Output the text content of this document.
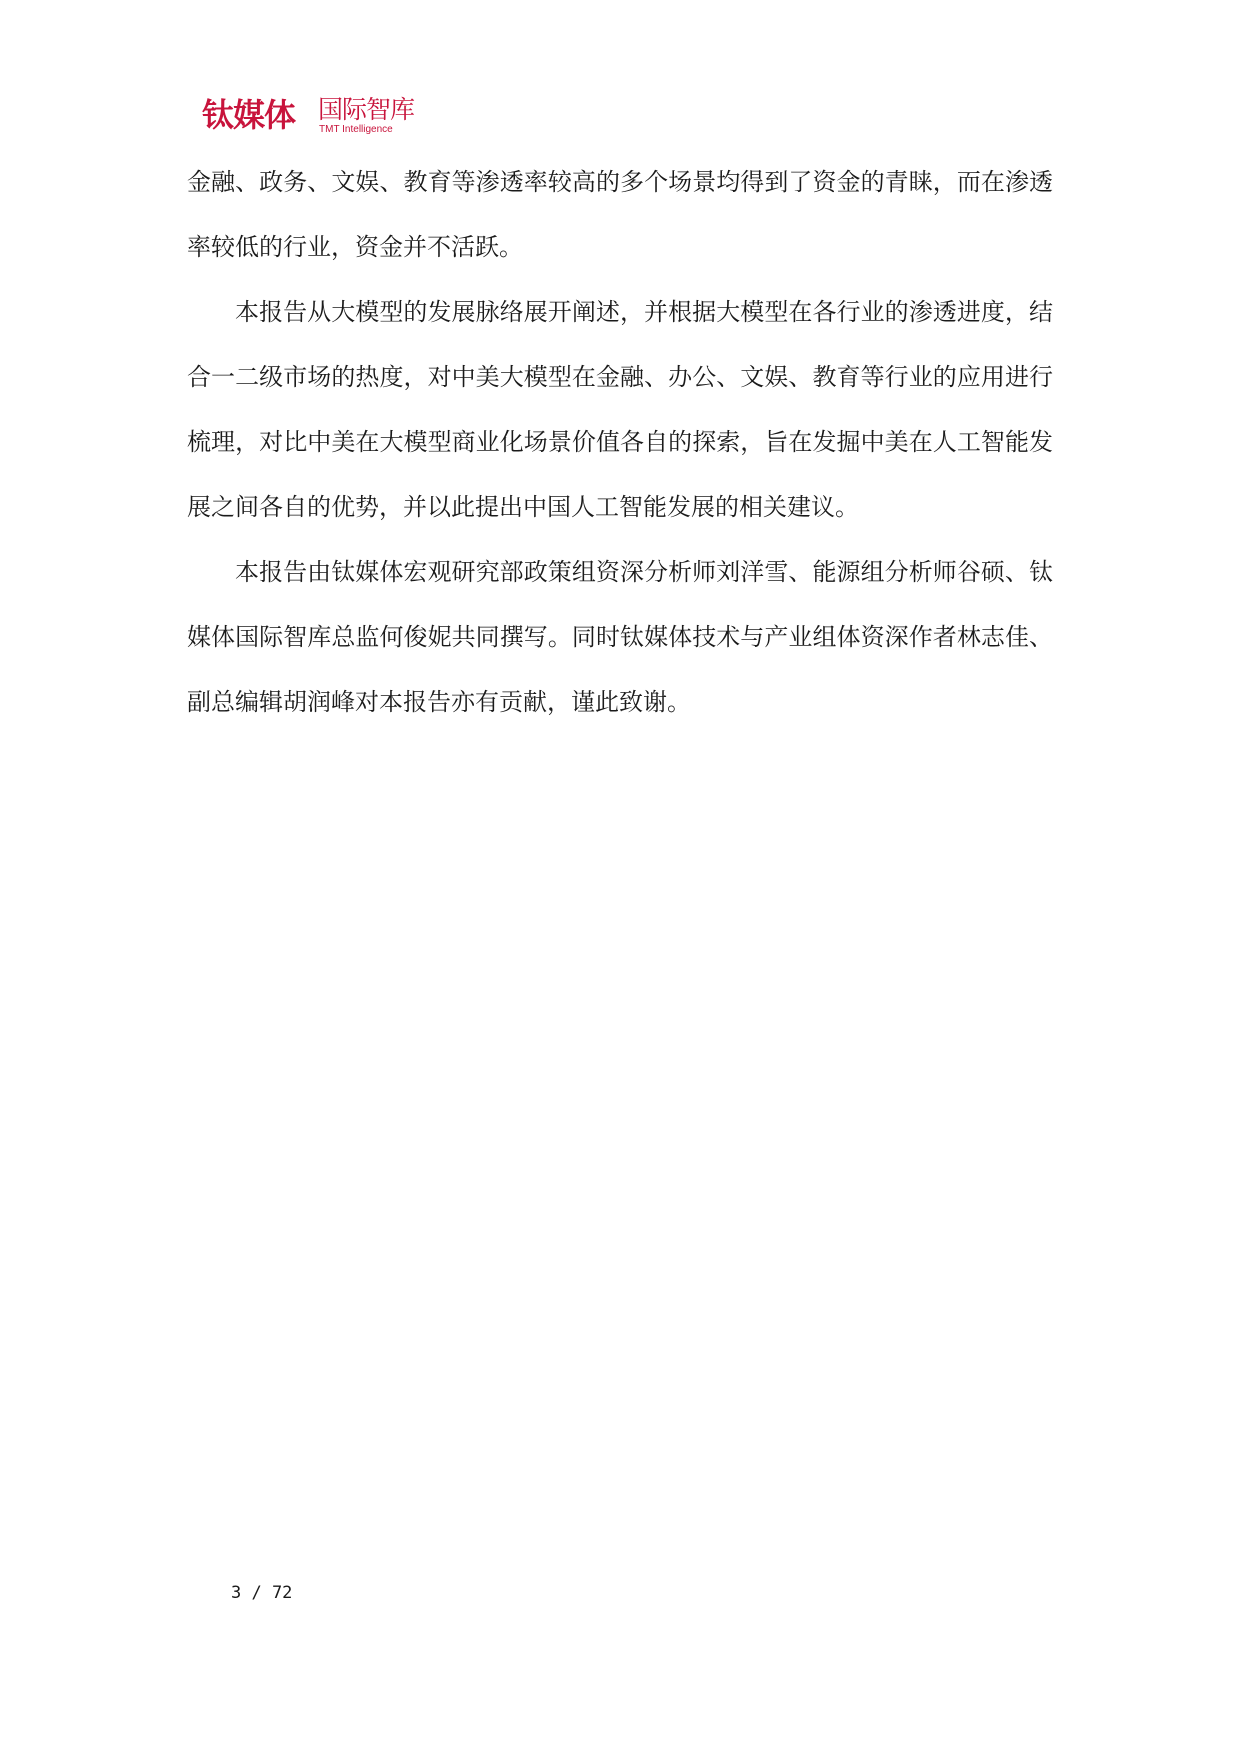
钛媒体 国际智库
TMT Intelligence

金融、政务、文娱、教育等渗透率较高的多个场景均得到了资金的青睐，而在渗透率较低的行业，资金并不活跃。

本报告从大模型的发展脉络展开阐述，并根据大模型在各行业的渗透进度，结合一二级市场的热度，对中美大模型在金融、办公、文娱、教育等行业的应用进行梳理，对比中美在大模型商业化场景价值各自的探索，旨在发掘中美在人工智能发展之间各自的优势，并以此提出中国人工智能发展的相关建议。

本报告由钛媒体宏观研究部政策组资深分析师刘洋雪、能源组分析师谷硕、钛媒体国际智库总监何俊妮共同撰写。同时钛媒体技术与产业组体资深作者林志佳、副总编辑胡润峰对本报告亦有贡献，谨此致谢。

3 / 72
